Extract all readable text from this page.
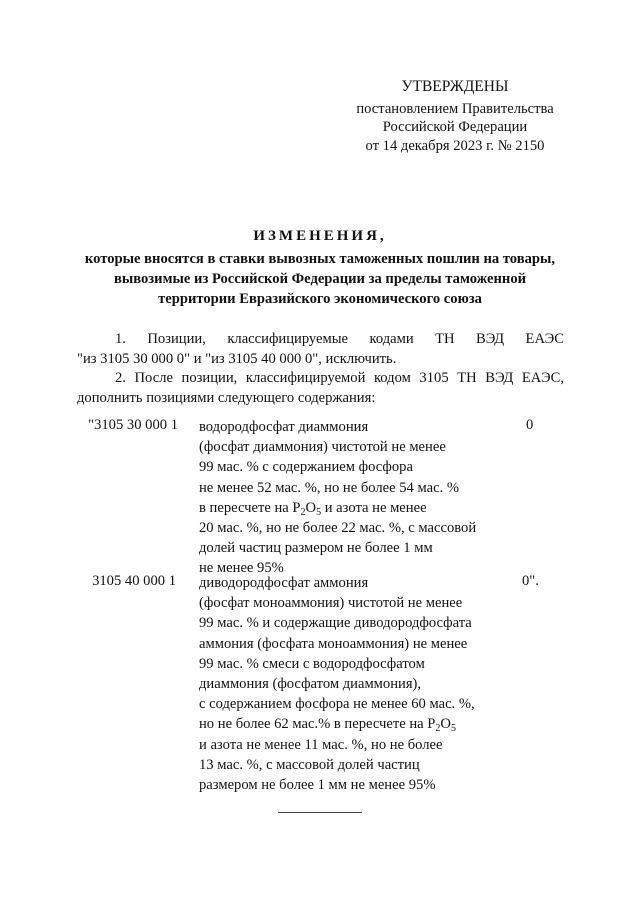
УТВЕРЖДЕНЫ
постановлением Правительства
Российской Федерации
от 14 декабря 2023 г. № 2150
ИЗМЕНЕНИЯ,
которые вносятся в ставки вывозных таможенных пошлин на товары,
вывозимые из Российской Федерации за пределы таможенной
территории Евразийского экономического союза
1. Позиции, классифицируемые кодами ТН ВЭД ЕАЭС
"из 3105 30 000 0" и "из 3105 40 000 0", исключить.
2. После позиции, классифицируемой кодом 3105 ТН ВЭД ЕАЭС,
дополнить позициями следующего содержания:
"3105 30 000 1 водородфосфат диаммония
(фосфат диаммония) чистотой не менее
99 мас. % с содержанием фосфора
не менее 52 мас. %, но не более 54 мас. %
в пересчете на $P_2O_5$ и азота не менее
20 мас. %, но не более 22 мас. %, с массовой
долей частиц размером не более 1 мм
не менее 95%
0
3105 40 000 1 диводородфосфат аммония
(фосфат моноаммония) чистотой не менее
99 мас. % и содержащие диводородфосфата
аммония (фосфата моноаммония) не менее
99 мас. % смеси с водородфосфатом
диаммония (фосфатом диаммония),
с содержанием фосфора не менее 60 мас. %,
но не более 62 мас.% в пересчете на $P_2O_5$
и азота не менее 11 мас. %, но не более
13 мас. %, с массовой долей частиц
размером не более 1 мм не менее 95%
0".
